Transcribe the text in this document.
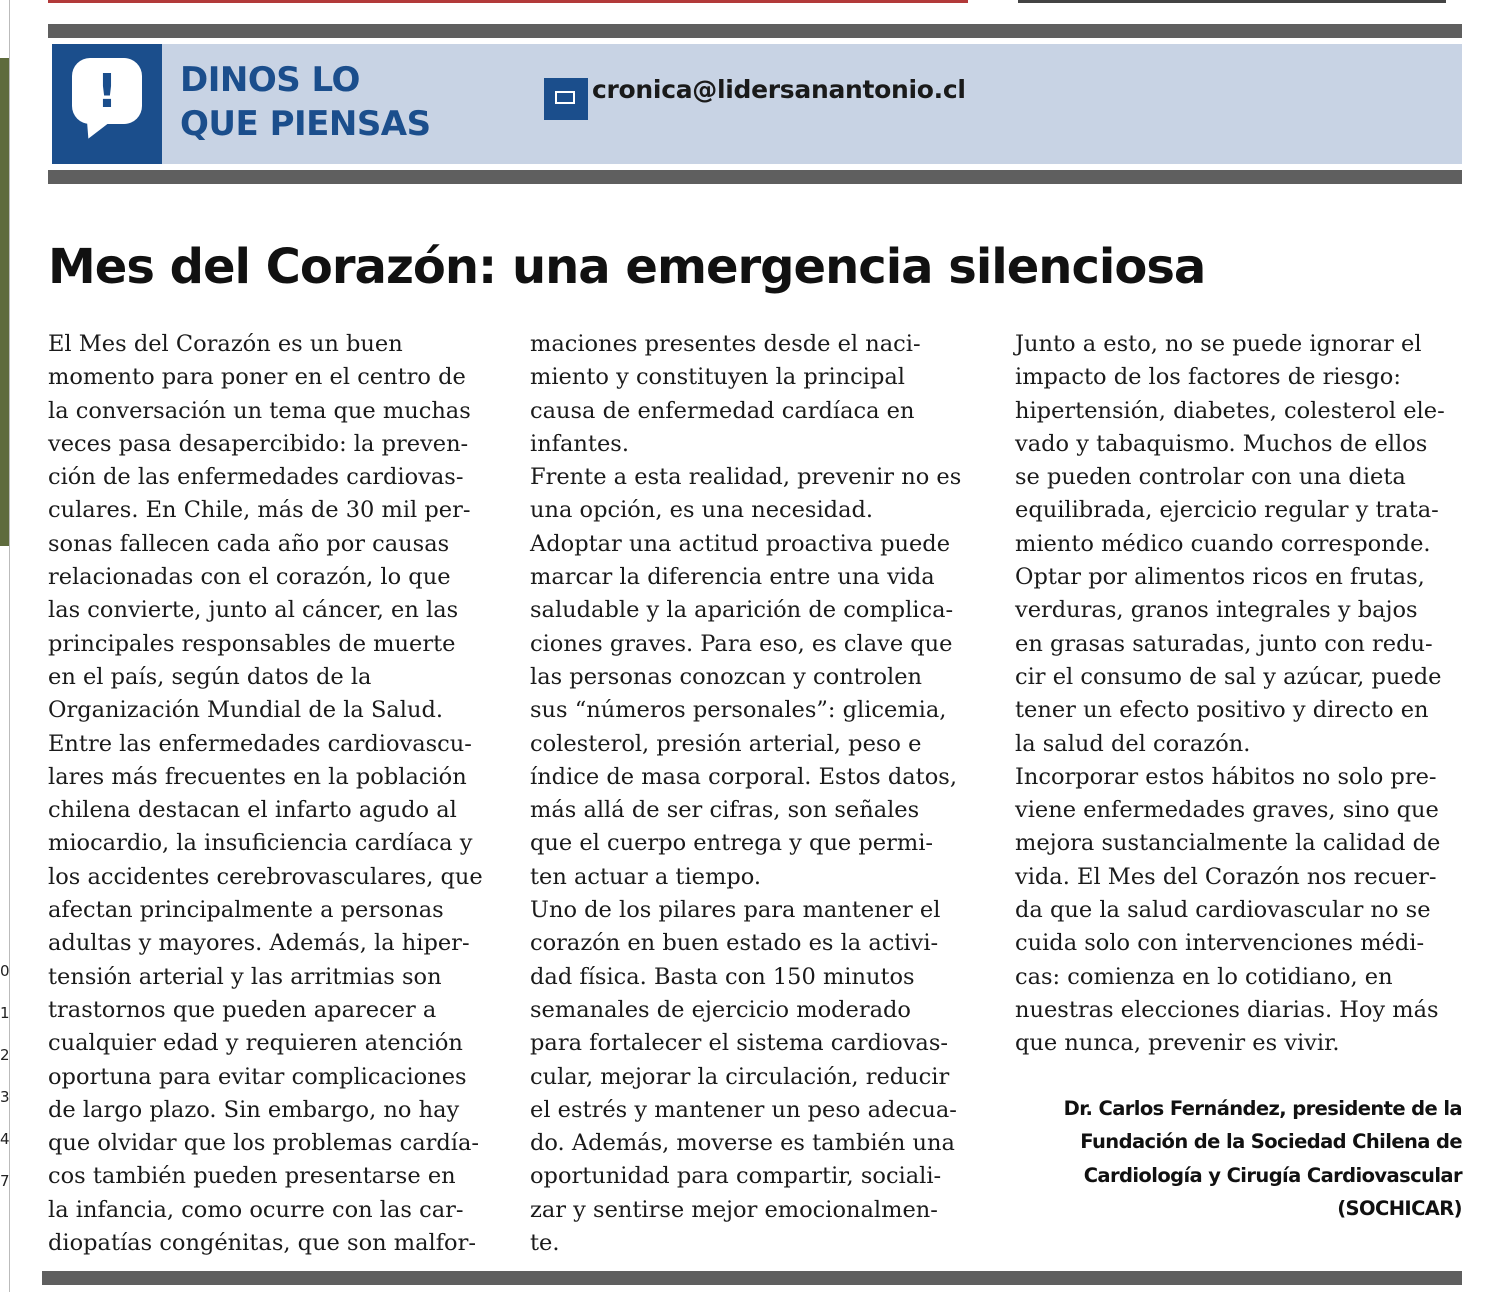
0
1
2
3
4
7
!	DINOS LO
QUE PIENSAS
cronica@lidersanantonio.cl
Mes del Corazón: una emergencia silenciosa
El Mes del Corazón es un buen
momento para poner en el centro de
la conversación un tema que muchas
veces pasa desapercibido: la preven-
ción de las enfermedades cardiovas-
culares. En Chile, más de 30 mil per-
sonas fallecen cada año por causas
relacionadas con el corazón, lo que
las convierte, junto al cáncer, en las
principales responsables de muerte
en el país, según datos de la
Organización Mundial de la Salud.
Entre las enfermedades cardiovascu-
lares más frecuentes en la población
chilena destacan el infarto agudo al
miocardio, la insuficiencia cardíaca y
los accidentes cerebrovasculares, que
afectan principalmente a personas
adultas y mayores. Además, la hiper-
tensión arterial y las arritmias son
trastornos que pueden aparecer a
cualquier edad y requieren atención
oportuna para evitar complicaciones
de largo plazo. Sin embargo, no hay
que olvidar que los problemas cardía-
cos también pueden presentarse en
la infancia, como ocurre con las car-
diopatías congénitas, que son malfor-
maciones presentes desde el naci-
miento y constituyen la principal
causa de enfermedad cardíaca en
infantes.
Frente a esta realidad, prevenir no es
una opción, es una necesidad.
Adoptar una actitud proactiva puede
marcar la diferencia entre una vida
saludable y la aparición de complica-
ciones graves. Para eso, es clave que
las personas conozcan y controlen
sus “números personales”: glicemia,
colesterol, presión arterial, peso e
índice de masa corporal. Estos datos,
más allá de ser cifras, son señales
que el cuerpo entrega y que permi-
ten actuar a tiempo.
Uno de los pilares para mantener el
corazón en buen estado es la activi-
dad física. Basta con 150 minutos
semanales de ejercicio moderado
para fortalecer el sistema cardiovas-
cular, mejorar la circulación, reducir
el estrés y mantener un peso adecua-
do. Además, moverse es también una
oportunidad para compartir, sociali-
zar y sentirse mejor emocionalmen-
te.
Junto a esto, no se puede ignorar el
impacto de los factores de riesgo:
hipertensión, diabetes, colesterol ele-
vado y tabaquismo. Muchos de ellos
se pueden controlar con una dieta
equilibrada, ejercicio regular y trata-
miento médico cuando corresponde.
Optar por alimentos ricos en frutas,
verduras, granos integrales y bajos
en grasas saturadas, junto con redu-
cir el consumo de sal y azúcar, puede
tener un efecto positivo y directo en
la salud del corazón.
Incorporar estos hábitos no solo pre-
viene enfermedades graves, sino que
mejora sustancialmente la calidad de
vida. El Mes del Corazón nos recuer-
da que la salud cardiovascular no se
cuida solo con intervenciones médi-
cas: comienza en lo cotidiano, en
nuestras elecciones diarias. Hoy más
que nunca, prevenir es vivir.
Dr. Carlos Fernández, presidente de la
Fundación de la Sociedad Chilena de
Cardiología y Cirugía Cardiovascular
(SOCHICAR)
